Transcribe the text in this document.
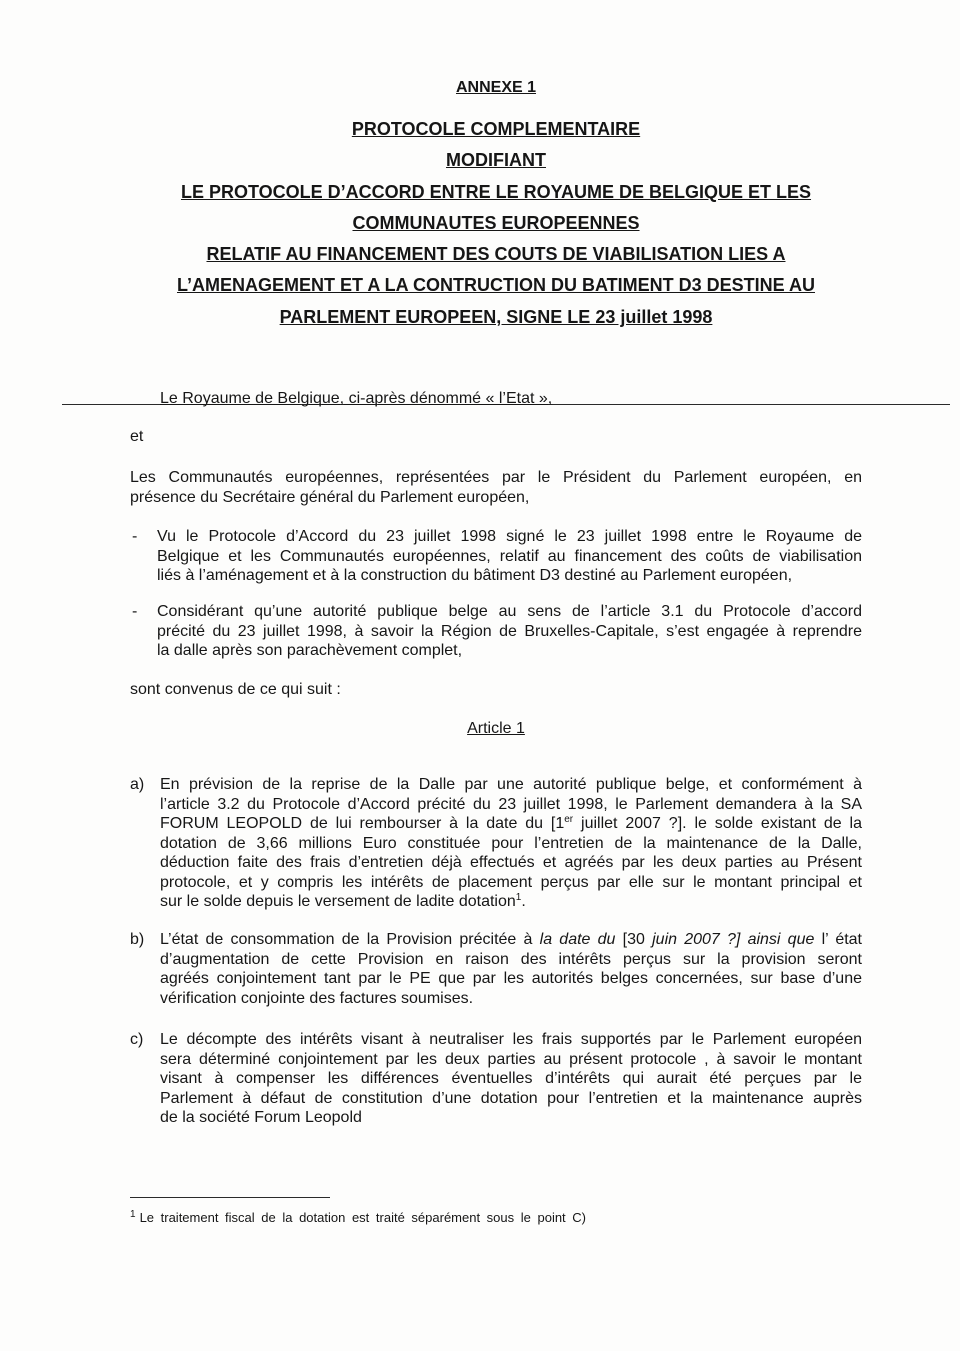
ANNEXE 1
PROTOCOLE COMPLEMENTAIRE
MODIFIANT
LE PROTOCOLE D’ACCORD ENTRE LE ROYAUME DE BELGIQUE ET LES
COMMUNAUTES EUROPEENNES
RELATIF AU FINANCEMENT DES COUTS DE VIABILISATION LIES A
L’AMENAGEMENT ET A LA CONTRUCTION DU BATIMENT D3 DESTINE AU
PARLEMENT EUROPEEN, SIGNE LE 23 juillet 1998
Le Royaume de Belgique, ci-après dénommé « l’Etat »,
et
Les Communautés européennes, représentées par le Président du Parlement européen, en
présence du Secrétaire général du Parlement européen,
- Vu le Protocole d’Accord du 23 juillet 1998 signé le 23 juillet 1998 entre le Royaume de
Belgique et les Communautés européennes, relatif au financement des coûts de viabilisation
liés à l’aménagement et à la construction du bâtiment D3 destiné au Parlement européen,
- Considérant qu’une autorité publique belge au sens de l’article 3.1 du Protocole d’accord
précité du 23 juillet 1998, à savoir la Région de Bruxelles-Capitale, s’est engagée à reprendre
la dalle après son parachèvement complet,
sont convenus de ce qui suit :
Article 1
a) En prévision de la reprise de la Dalle par une autorité publique belge, et conformément à
l’article 3.2 du Protocole d’Accord précité du 23 juillet 1998, le Parlement demandera à la SA
FORUM LEOPOLD de lui rembourser à la date du [1er juillet 2007 ?]. le solde existant de la
dotation de 3,66 millions Euro constituée pour l’entretien de la maintenance de la Dalle,
déduction faite des frais d’entretien déjà effectués et agréés par les deux parties au Présent
protocole, et y compris les intérêts de placement perçus par elle sur le montant principal et
sur le solde depuis le versement de ladite dotation$^1$.
b) L’état de consommation de la Provision précitée à la date du [30 juin 2007 ?] ainsi que l’ état
d’augmentation de cette Provision en raison des intérêts perçus sur la provision seront
agréés conjointement tant par le PE que par les autorités belges concernées, sur base d’une
vérification conjointe des factures soumises.
c) Le décompte des intérêts visant à neutraliser les frais supportés par le Parlement européen
sera déterminé conjointement par les deux parties au présent protocole , à savoir le montant
visant à compenser les différences éventuelles d’intérêts qui aurait été perçues par le
Parlement à défaut de constitution d’une dotation pour l’entretien et la maintenance auprès
de la société Forum Leopold
$^1$ Le traitement fiscal de la dotation est traité séparément sous le point C)
